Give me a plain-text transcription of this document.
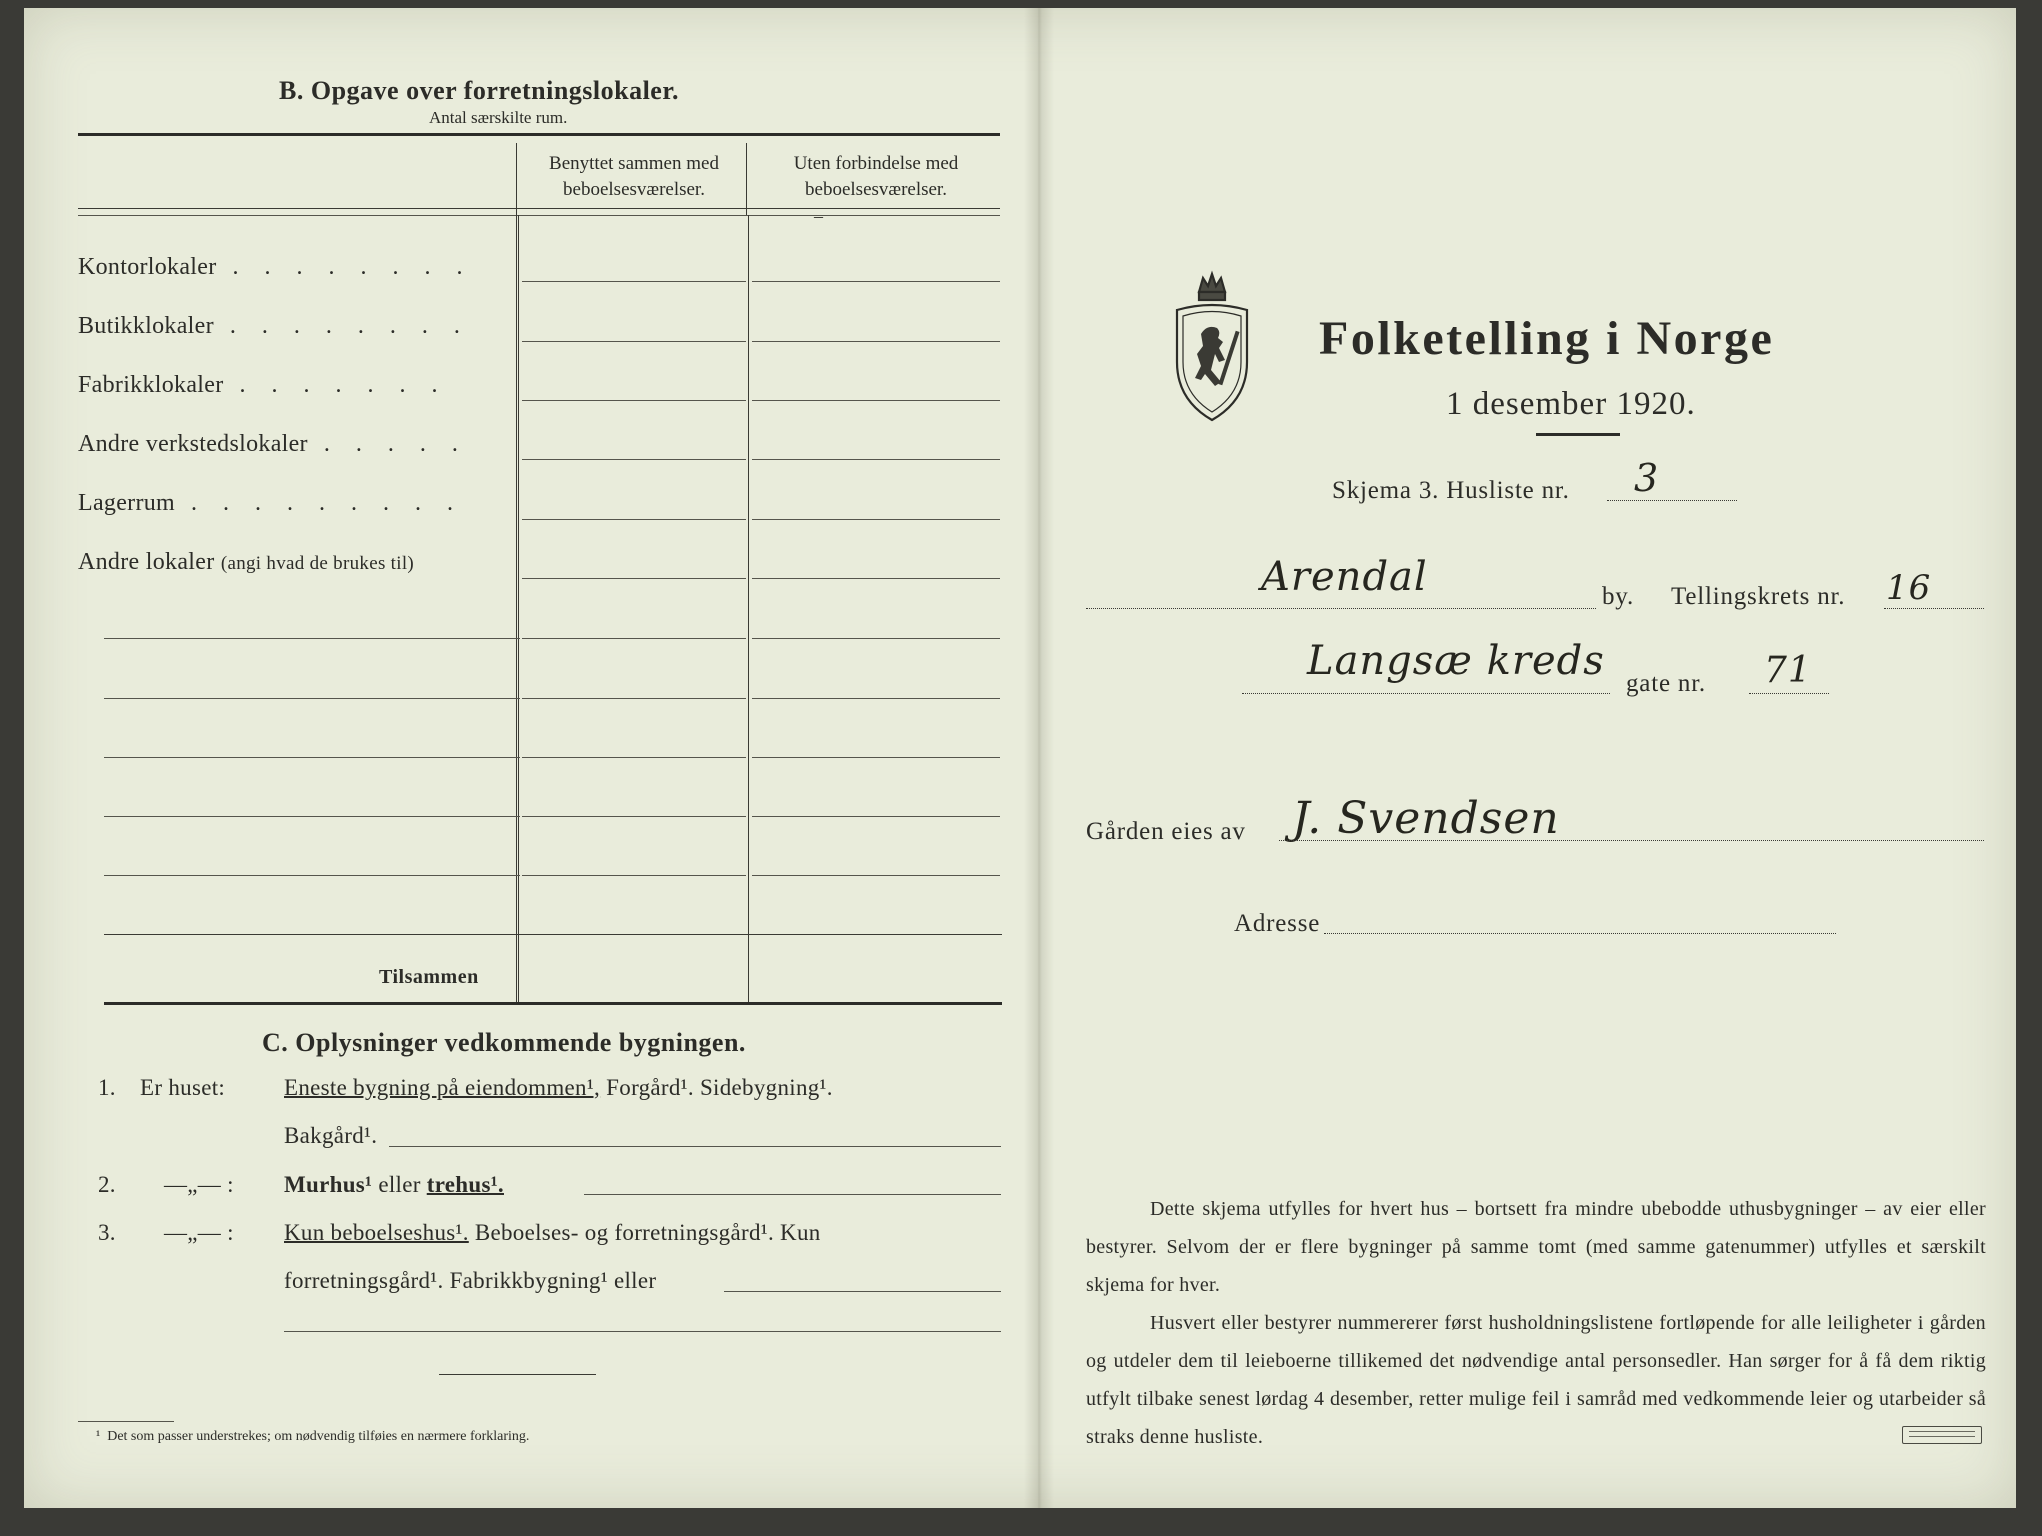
B. Opgave over forretningslokaler.
Antal særskilte rum.
Benyttet sammen med
beboelsesværelser.
Uten forbindelse med
beboelsesværelser.
–
Kontorlokaler . . . . . . . .
Butikklokaler . . . . . . . .
Fabrikklokaler . . . . . . .
Andre verkstedslokaler . . . . .
Lagerrum . . . . . . . . .
Andre lokaler (angi hvad de brukes til)
Tilsammen
C. Oplysninger vedkommende bygningen.
1. Er huset:	Eneste bygning på eiendommen¹, Forgård¹. Sidebygning¹.
Bakgård¹.
2. —„— : Murhus¹ eller trehus¹.
3. —„— : Kun beboelseshus¹. Beboelses- og forretningsgård¹. Kun
forretningsgård¹. Fabrikkbygning¹ eller
¹ Det som passer understrekes; om nødvendig tilføies en nærmere forklaring.
Folketelling i Norge
1 desember 1920.
Skjema 3. Husliste nr. 3
Arendal	by. Tellingskrets nr. 16
Langsæ kreds gate nr. 71
Gården eies av J. Svendsen
Adresse
Dette skjema utfylles for hvert hus – bortsett fra mindre ubebodde uthusbygninger – av eier eller bestyrer. Selvom der er flere bygninger på samme tomt (med samme gatenummer) utfylles et særskilt skjema for hver.
Husvert eller bestyrer nummererer først husholdningslistene fortløpende for alle leiligheter i gården og utdeler dem til leieboerne tillikemed det nødvendige antal personsedler. Han sørger for å få dem riktig utfylt tilbake senest lørdag 4 desember, retter mulige feil i samråd med vedkommende leier og utarbeider så straks denne husliste.
